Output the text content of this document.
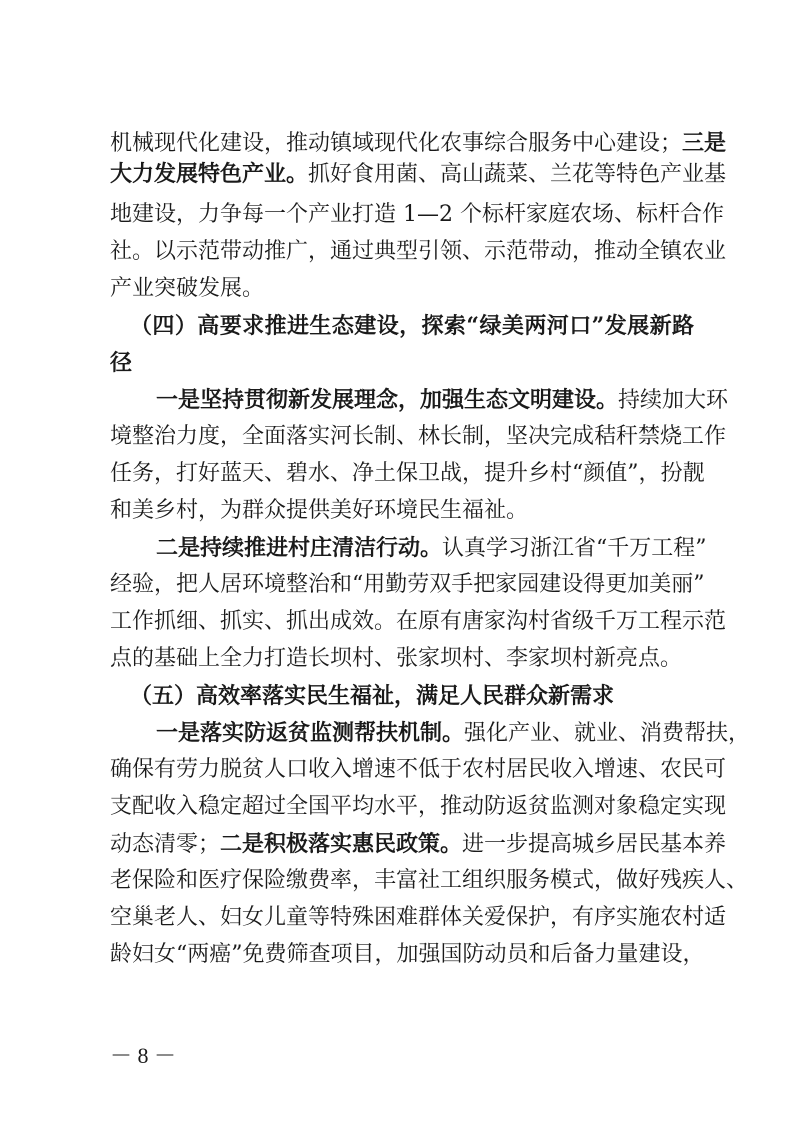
机械现代化建设，推动镇域现代化农事综合服务中心建设；三是
大力发展特色产业。抓好食用菌、高山蔬菜、兰花等特色产业基
地建设，力争每一个产业打造 1—2 个标杆家庭农场、标杆合作
社。以示范带动推广，通过典型引领、示范带动，推动全镇农业
产业突破发展。
（四）高要求推进生态建设，探索“绿美两河口”发展新路
径
一是坚持贯彻新发展理念，加强生态文明建设。持续加大环
境整治力度，全面落实河长制、林长制，坚决完成秸秆禁烧工作
任务，打好蓝天、碧水、净土保卫战，提升乡村“颜值”，扮靓
和美乡村，为群众提供美好环境民生福祉。
二是持续推进村庄清洁行动。认真学习浙江省“千万工程”
经验，把人居环境整治和“用勤劳双手把家园建设得更加美丽”
工作抓细、抓实、抓出成效。在原有唐家沟村省级千万工程示范
点的基础上全力打造长坝村、张家坝村、李家坝村新亮点。
（五）高效率落实民生福祉，满足人民群众新需求
一是落实防返贫监测帮扶机制。强化产业、就业、消费帮扶，
确保有劳力脱贫人口收入增速不低于农村居民收入增速、农民可
支配收入稳定超过全国平均水平，推动防返贫监测对象稳定实现
动态清零；二是积极落实惠民政策。进一步提高城乡居民基本养
老保险和医疗保险缴费率，丰富社工组织服务模式，做好残疾人、
空巢老人、妇女儿童等特殊困难群体关爱保护，有序实施农村适
龄妇女“两癌”免费筛查项目，加强国防动员和后备力量建设，
－ 8 －
